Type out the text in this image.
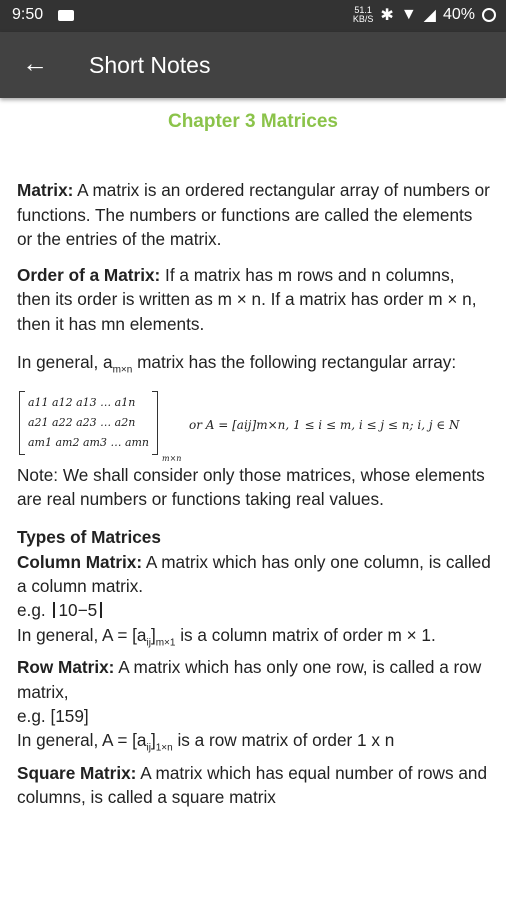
9:50	51.1
KB/S ✱ ▼ ◢ 40%
← Short Notes
Chapter 3 Matrices

Matrix: A matrix is an ordered rectangular array of numbers or functions. The numbers or functions are called the elements or the entries of the matrix.

Order of a Matrix: If a matrix has m rows and n columns, then its order is written as m × n. If a matrix has order m × n, then it has mn elements.

In general, $a_{m\times n}$ matrix has the following rectangular array:

a11 a12 a13 … a1n
a21 a22 a23 … a2n
am1 am2 am3 … amn
m×n
or A = [aij]m×n, 1 ≤ i ≤ m, i ≤ j ≤ n; i, j ∈ N

Note: We shall consider only those matrices, whose elements are real numbers or functions taking real values.

Types of Matrices

Column Matrix: A matrix which has only one column, is called a column matrix.

e.g. 10−5

In general, $A = [a_{ij}]_{m\times 1}$ is a column matrix of order m × 1.

Row Matrix: A matrix which has only one row, is called a row matrix,

e.g. [159]

In general, $A = [a_{ij}]_{1\times n}$ is a row matrix of order 1 x n

Square Matrix: A matrix which has equal number of rows and columns, is called a square matrix
